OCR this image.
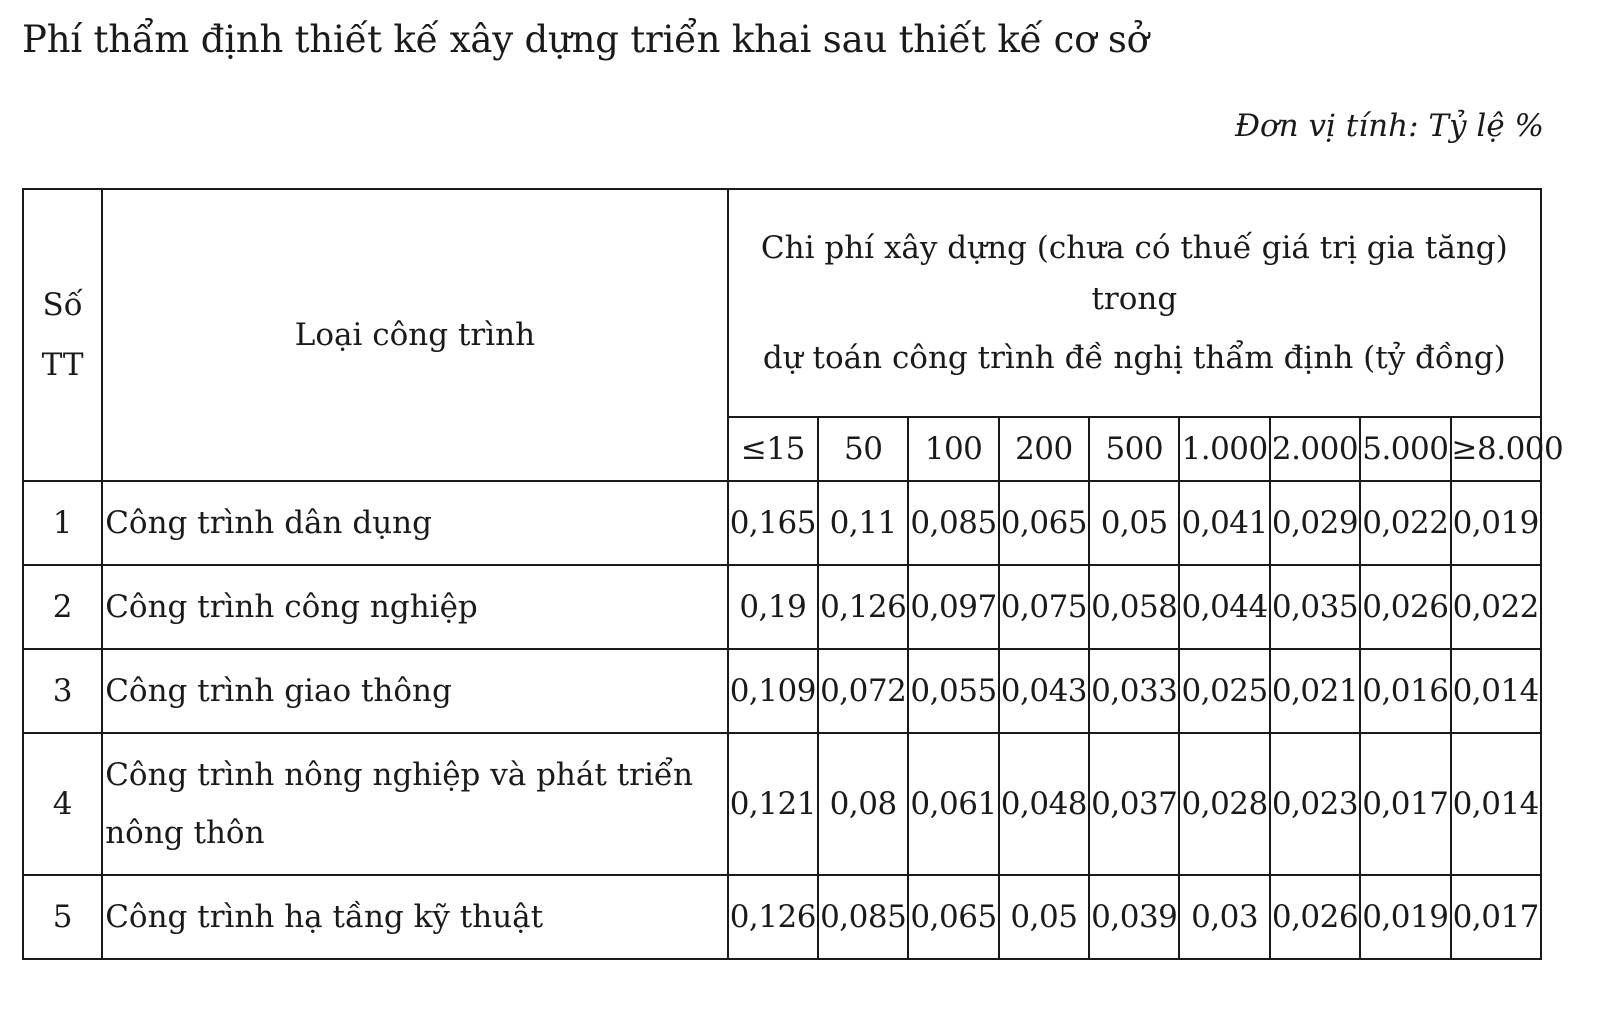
Phí thẩm định thiết kế xây dựng triển khai sau thiết kế cơ sở
Đơn vị tính: Tỷ lệ %
Số
TT	Loại công trình	Chi phí xây dựng (chưa có thuế giá trị gia tăng)
trong
dự toán công trình đề nghị thẩm định (tỷ đồng)								

		≤15	50	100	200	500	1.000	2.000	5.000	≥8.000
1	Công trình dân dụng	0,165	0,11	0,085	0,065	0,05	0,041	0,029	0,022	0,019
2	Công trình công nghiệp	0,19	0,126	0,097	0,075	0,058	0,044	0,035	0,026	0,022
3	Công trình giao thông	0,109	0,072	0,055	0,043	0,033	0,025	0,021	0,016	0,014
4	Công trình nông nghiệp và phát triển nông thôn	0,121	0,08	0,061	0,048	0,037	0,028	0,023	0,017	0,014
5	Công trình hạ tầng kỹ thuật	0,126	0,085	0,065	0,05	0,039	0,03	0,026	0,019	0,017
